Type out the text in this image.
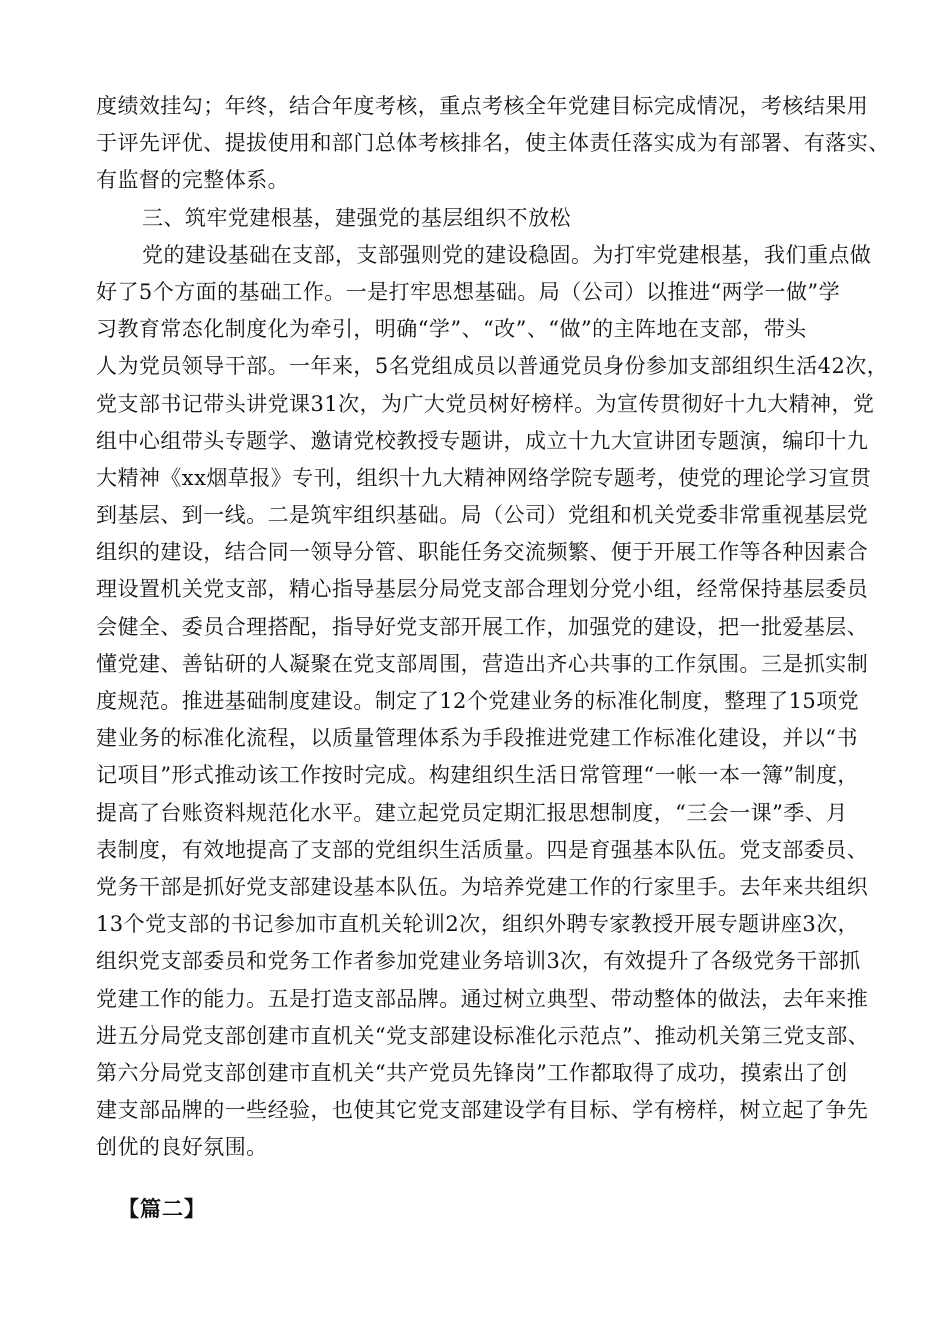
度绩效挂勾；年终，结合年度考核，重点考核全年党建目标完成情况，考核结果用
于评先评优、提拔使用和部门总体考核排名，使主体责任落实成为有部署、有落实、
有监督的完整体系。
三、筑牢党建根基，建强党的基层组织不放松
党的建设基础在支部，支部强则党的建设稳固。为打牢党建根基，我们重点做
好了5个方面的基础工作。一是打牢思想基础。局（公司）以推进“两学一做”学
习教育常态化制度化为牵引，明确“学”、“改”、“做”的主阵地在支部，带头
人为党员领导干部。一年来，5名党组成员以普通党员身份参加支部组织生活42次，
党支部书记带头讲党课31次，为广大党员树好榜样。为宣传贯彻好十九大精神，党
组中心组带头专题学、邀请党校教授专题讲，成立十九大宣讲团专题演，编印十九
大精神《xx烟草报》专刊，组织十九大精神网络学院专题考，使党的理论学习宣贯
到基层、到一线。二是筑牢组织基础。局（公司）党组和机关党委非常重视基层党
组织的建设，结合同一领导分管、职能任务交流频繁、便于开展工作等各种因素合
理设置机关党支部，精心指导基层分局党支部合理划分党小组，经常保持基层委员
会健全、委员合理搭配，指导好党支部开展工作，加强党的建设，把一批爱基层、
懂党建、善钻研的人凝聚在党支部周围，营造出齐心共事的工作氛围。三是抓实制
度规范。推进基础制度建设。制定了12个党建业务的标准化制度，整理了15项党
建业务的标准化流程，以质量管理体系为手段推进党建工作标准化建设，并以“书
记项目”形式推动该工作按时完成。构建组织生活日常管理“一帐一本一簿”制度，
提高了台账资料规范化水平。建立起党员定期汇报思想制度，“三会一课”季、月
表制度，有效地提高了支部的党组织生活质量。四是育强基本队伍。党支部委员、
党务干部是抓好党支部建设基本队伍。为培养党建工作的行家里手。去年来共组织
13个党支部的书记参加市直机关轮训2次，组织外聘专家教授开展专题讲座3次，
组织党支部委员和党务工作者参加党建业务培训3次，有效提升了各级党务干部抓
党建工作的能力。五是打造支部品牌。通过树立典型、带动整体的做法，去年来推
进五分局党支部创建市直机关“党支部建设标准化示范点”、推动机关第三党支部、
第六分局党支部创建市直机关“共产党员先锋岗”工作都取得了成功，摸索出了创
建支部品牌的一些经验，也使其它党支部建设学有目标、学有榜样，树立起了争先
创优的良好氛围。
【篇二】
